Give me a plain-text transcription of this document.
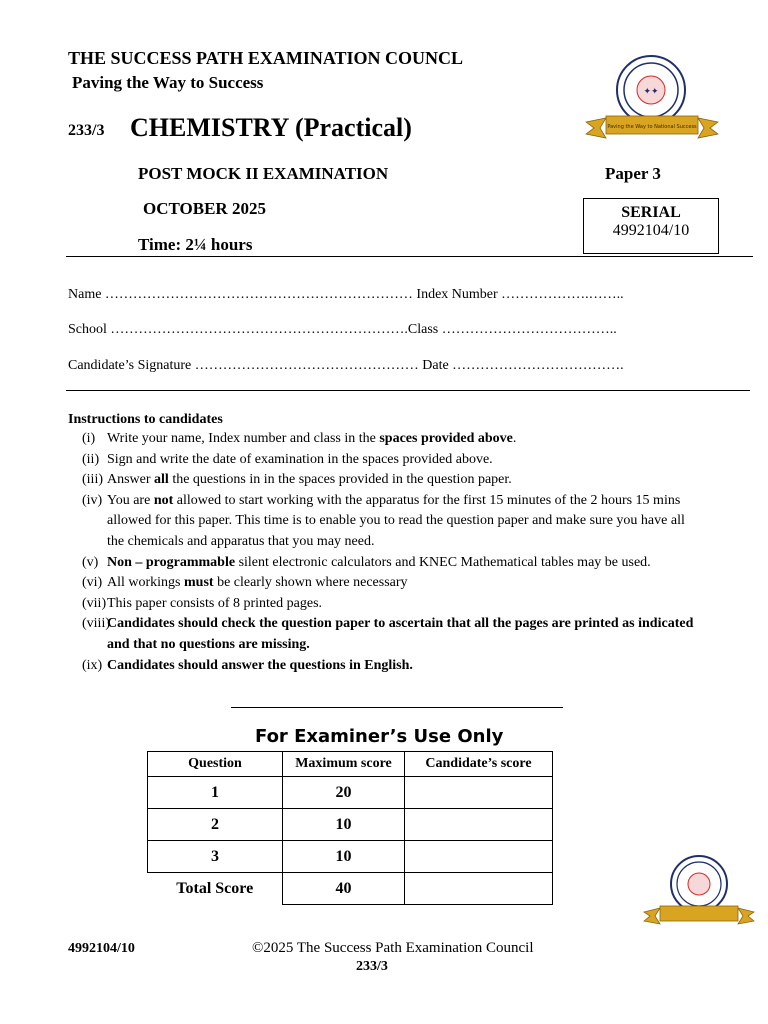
THE SUCCESS PATH EXAMINATION COUNCL
Paving the Way to Success
233/3 CHEMISTRY (Practical)
POST MOCK II EXAMINATION	Paper 3
OCTOBER 2025
Time: 2¼ hours
SERIAL
4992104/10
✦✦
Paving the Way to National Success
Name ………………………………………………………… Index Number ……………….……..
School ……………………………………………………….Class ………………………………..
Candidate’s Signature ………………………………………… Date ……………………………….
Instructions to candidates
(i) Write your name, Index number and class in the spaces provided above.
(ii) Sign and write the date of examination in the spaces provided above.
(iii) Answer all the questions in in the spaces provided in the question paper.
(iv) You are not allowed to start working with the apparatus for the first 15 minutes of the 2 hours 15 mins allowed for this paper. This time is to enable you to read the question paper and make sure you have all the chemicals and apparatus that you may need.
(v) Non – programmable silent electronic calculators and KNEC Mathematical tables may be used.
(vi) All workings must be clearly shown where necessary
(vii) This paper consists of 8 printed pages.
(viii)
Candidates should check the question paper to ascertain that all the pages are printed as indicated and that no questions are missing.
(ix) Candidates should answer the questions in English.
For Examiner’s Use Only
Question	Maximum score	Candidate’s score
1	20	
2	10	
3	10	
Total Score	40	
4992104/10	©2025 The Success Path Examination Council
233/3
